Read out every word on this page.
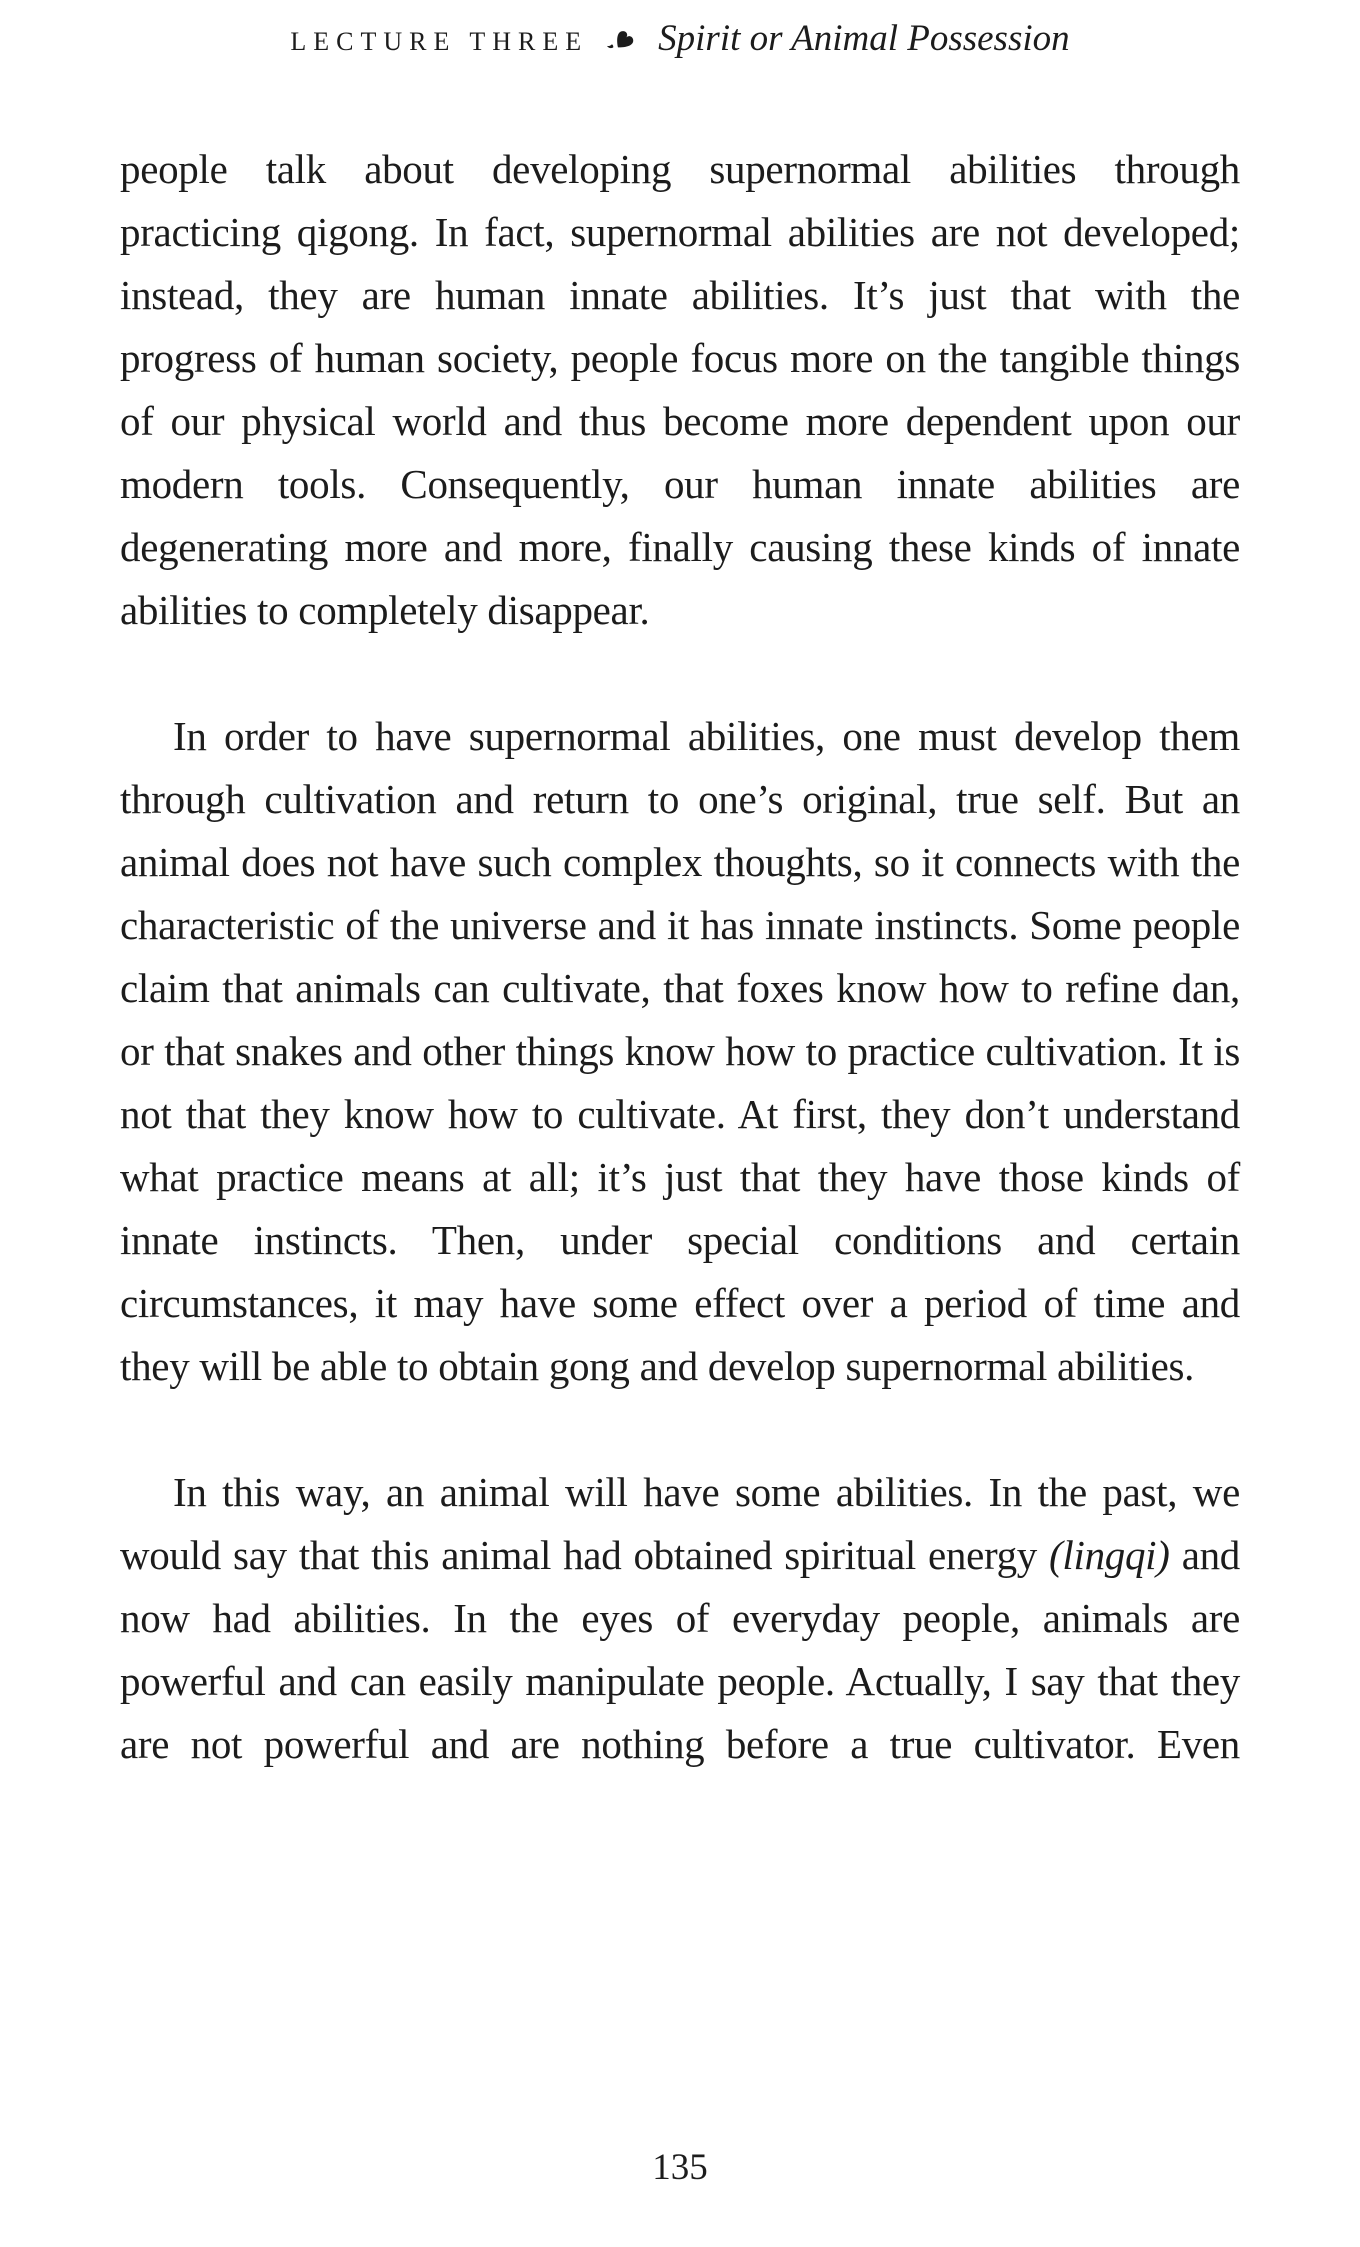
LECTURE THREE Spirit or Animal Possession

people talk about developing supernormal abilities through practicing qigong. In fact, supernormal abilities are not developed; instead, they are human innate abilities. It’s just that with the progress of human society, people focus more on the tangible things of our physical world and thus become more dependent upon our modern tools. Consequently, our human innate abilities are degenerating more and more, finally causing these kinds of innate abilities to completely disappear.

In order to have supernormal abilities, one must develop them through cultivation and return to one’s original, true self. But an animal does not have such complex thoughts, so it connects with the characteristic of the universe and it has innate instincts. Some people claim that animals can cultivate, that foxes know how to refine dan, or that snakes and other things know how to practice cultivation. It is not that they know how to cultivate. At first, they don’t understand what practice means at all; it’s just that they have those kinds of innate instincts. Then, under special conditions and certain circumstances, it may have some effect over a period of time and they will be able to obtain gong and develop supernormal abilities.

In this way, an animal will have some abilities. In the past, we would say that this animal had obtained spiritual energy (lingqi) and now had abilities. In the eyes of everyday people, animals are powerful and can easily manipulate people. Actually, I say that they are not powerful and are nothing before a true cultivator. Even

135
